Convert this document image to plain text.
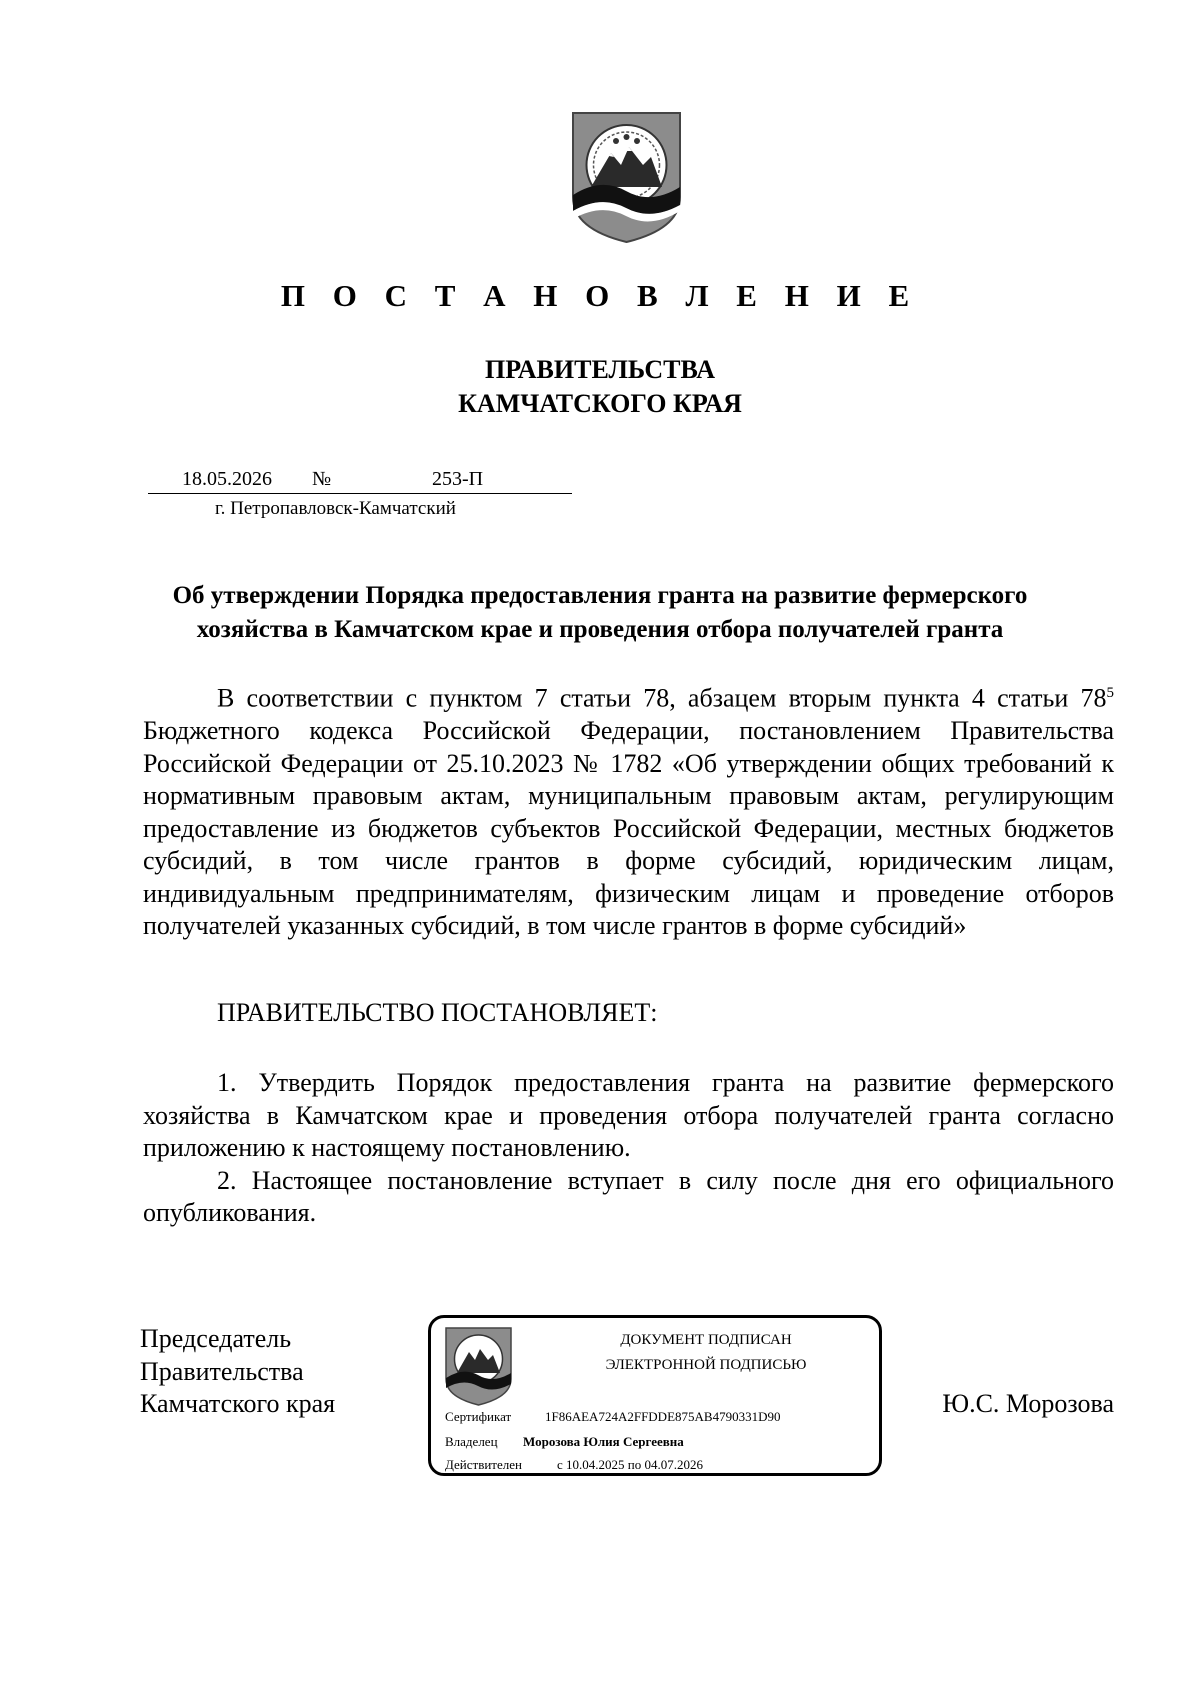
П О С Т А Н О В Л Е Н И Е
ПРАВИТЕЛЬСТВА
КАМЧАТСКОГО КРАЯ
18.05.2026 №	253-П
г. Петропавловск-Камчатский
Об утверждении Порядка предоставления гранта на развитие фермерского
хозяйства в Камчатском крае и проведения отбора получателей гранта

В соответствии с пунктом 7 статьи 78, абзацем вторым пункта 4 статьи $78^5$ Бюджетного кодекса Российской Федерации, постановлением Правительства Российской Федерации от 25.10.2023 № 1782 «Об утверждении общих требований к нормативным правовым актам, муниципальным правовым актам, регулирующим предоставление из бюджетов субъектов Российской Федерации, местных бюджетов субсидий, в том числе грантов в форме субсидий, юридическим лицам, индивидуальным предпринимателям, физическим лицам и проведение отборов получателей указанных субсидий, в том числе грантов в форме субсидий»

ПРАВИТЕЛЬСТВО ПОСТАНОВЛЯЕТ:

1. Утвердить Порядок предоставления гранта на развитие фермерского хозяйства в Камчатском крае и проведения отбора получателей гранта согласно приложению к настоящему постановлению.

2. Настоящее постановление вступает в силу после дня его официального опубликования.

Председатель
Правительства
Камчатского края	Ю.С. Морозова
ДОКУМЕНТ ПОДПИСАН
ЭЛЕКТРОННОЙ ПОДПИСЬЮ
Сертификат	1F86AEA724A2FFDDE875AB4790331D90
Владелец Морозова Юлия Сергеевна
Действителен	с 10.04.2025 по 04.07.2026
